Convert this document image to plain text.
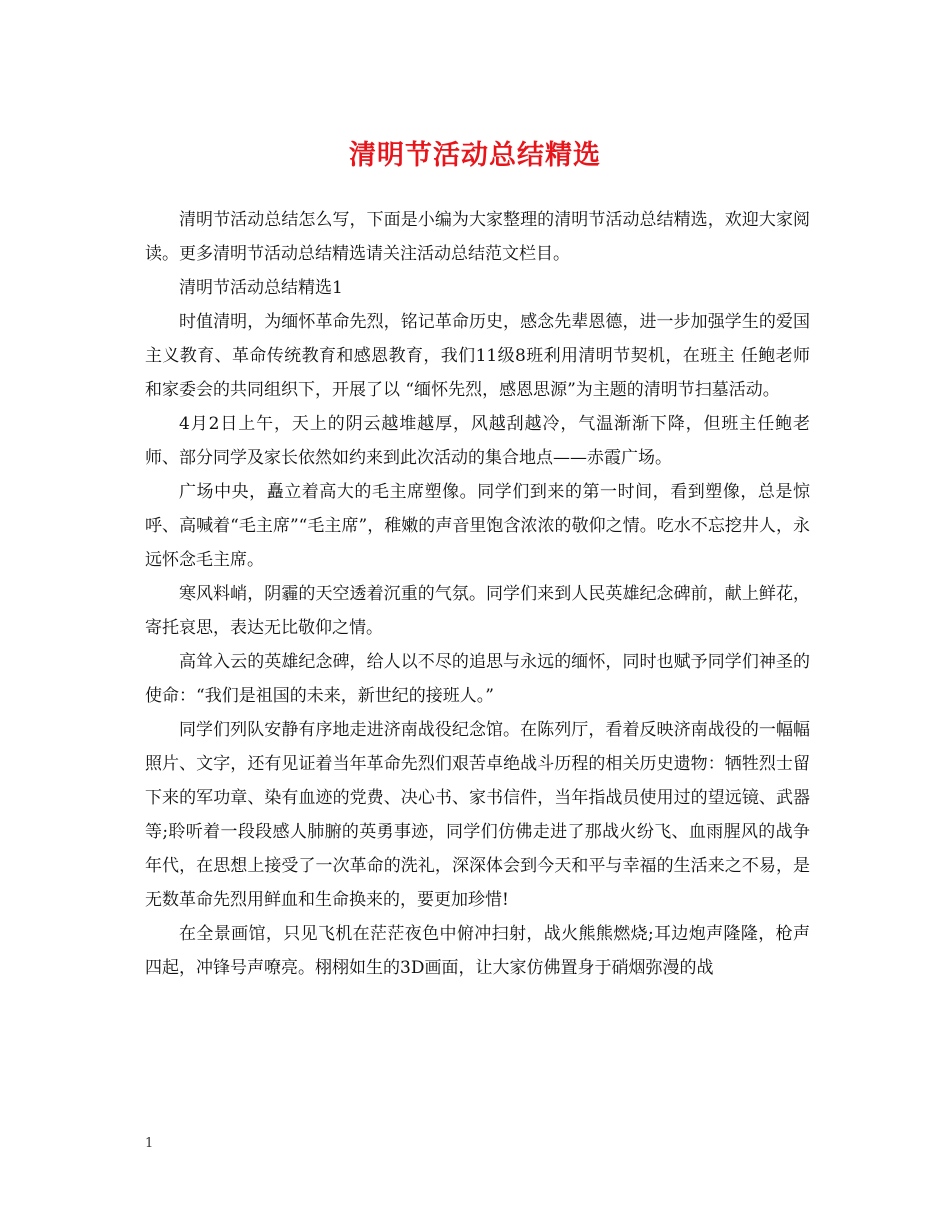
清明节活动总结精选

清明节活动总结怎么写，下面是小编为大家整理的清明节活动总结精选，欢迎大家阅读。更多清明节活动总结精选请关注活动总结范文栏目。

清明节活动总结精选1

时值清明，为缅怀革命先烈，铭记革命历史，感念先辈恩德，进一步加强学生的爱国主义教育、革命传统教育和感恩教育，我们11级8班利用清明节契机，在班主 任鲍老师和家委会的共同组织下，开展了以 “缅怀先烈，感恩思源”为主题的清明节扫墓活动。

4月2日上午，天上的阴云越堆越厚，风越刮越冷，气温渐渐下降，但班主任鲍老师、部分同学及家长依然如约来到此次活动的集合地点——赤霞广场。

广场中央，矗立着高大的毛主席塑像。同学们到来的第一时间，看到塑像，总是惊呼、高喊着“毛主席”“毛主席”，稚嫩的声音里饱含浓浓的敬仰之情。吃水不忘挖井人，永远怀念毛主席。

寒风料峭，阴霾的天空透着沉重的气氛。同学们来到人民英雄纪念碑前，献上鲜花，寄托哀思，表达无比敬仰之情。

高耸入云的英雄纪念碑，给人以不尽的追思与永远的缅怀，同时也赋予同学们神圣的使命：“我们是祖国的未来，新世纪的接班人。”

同学们列队安静有序地走进济南战役纪念馆。在陈列厅，看着反映济南战役的一幅幅照片、文字，还有见证着当年革命先烈们艰苦卓绝战斗历程的相关历史遗物：牺牲烈士留下来的军功章、染有血迹的党费、决心书、家书信件，当年指战员使用过的望远镜、武器等;聆听着一段段感人肺腑的英勇事迹，同学们仿佛走进了那战火纷飞、血雨腥风的战争年代，在思想上接受了一次革命的洗礼，深深体会到今天和平与幸福的生活来之不易，是无数革命先烈用鲜血和生命换来的，要更加珍惜!

在全景画馆，只见飞机在茫茫夜色中俯冲扫射，战火熊熊燃烧;耳边炮声隆隆，枪声四起，冲锋号声嘹亮。栩栩如生的3D画面，让大家仿佛置身于硝烟弥漫的战

1
